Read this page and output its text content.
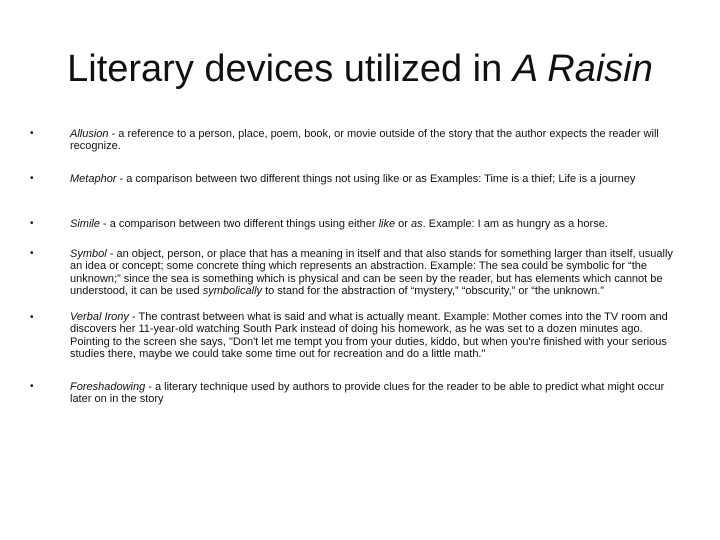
Literary devices utilized in A Raisin
•	Allusion - a reference to a person, place, poem, book, or movie outside of the story that the author expects the reader will recognize.
•	Metaphor - a comparison between two different things not using like or as Examples: Time is a thief; Life is a journey
•	Simile - a comparison between two different things using either like or as. Example: I am as hungry as a horse.
•	Symbol - an object, person, or place that has a meaning in itself and that also stands for something larger than itself, usually an idea or concept; some concrete thing which represents an abstraction. Example: The sea could be symbolic for “the unknown;” since the sea is something which is physical and can be seen by the reader, but has elements which cannot be understood, it can be used symbolically to stand for the abstraction of “mystery,” “obscurity,” or “the unknown.”
•	Verbal Irony - The contrast between what is said and what is actually meant. Example: Mother comes into the TV room and discovers her 11-year-old watching South Park instead of doing his homework, as he was set to a dozen minutes ago. Pointing to the screen she says, "Don't let me tempt you from your duties, kiddo, but when you're finished with your serious studies there, maybe we could take some time out for recreation and do a little math."
•	Foreshadowing - a literary technique used by authors to provide clues for the reader to be able to predict what might occur later on in the story
